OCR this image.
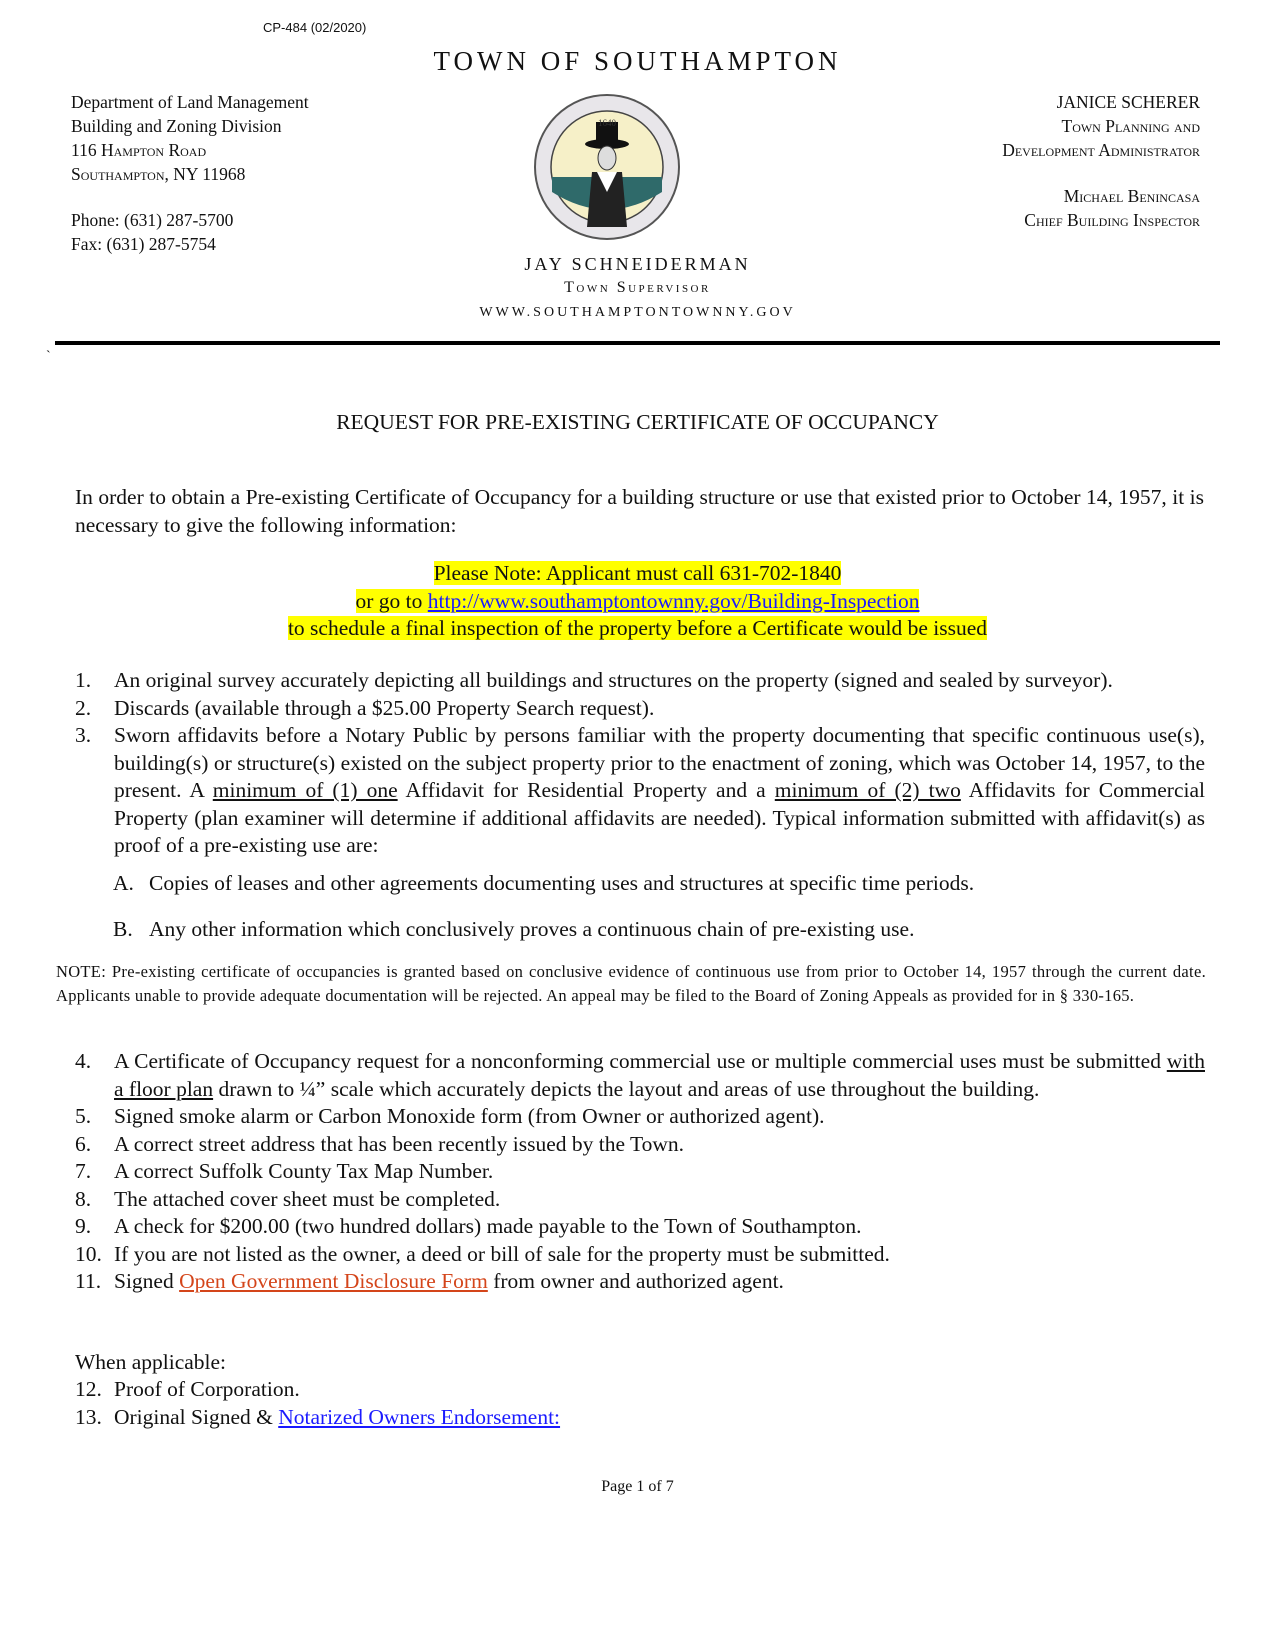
CP-484 (02/2020)
TOWN OF SOUTHAMPTON
Department of Land Management
Building and Zoning Division
116 Hampton Road
Southampton, NY 11968
Phone: (631) 287-5700
Fax: (631) 287-5754
JANICE SCHERER
Town Planning and
Development Administrator
Michael Benincasa
Chief Building Inspector
1640
JAY SCHNEIDERMAN
Town Supervisor
WWW.SOUTHAMPTONTOWNNY.GOV
`
REQUEST FOR PRE-EXISTING CERTIFICATE OF OCCUPANCY
In order to obtain a Pre-existing Certificate of Occupancy for a building structure or use that existed prior to October 14, 1957, it is necessary to give the following information:
Please Note: Applicant must call 631-702-1840
or go to http://www.southamptontownny.gov/Building-Inspection
to schedule a final inspection of the property before a Certificate would be issued
1. An original survey accurately depicting all buildings and structures on the property (signed and sealed by surveyor).
2. Discards (available through a $25.00 Property Search request).
3. Sworn affidavits before a Notary Public by persons familiar with the property documenting that specific continuous use(s), building(s) or structure(s) existed on the subject property prior to the enactment of zoning, which was October 14, 1957, to the present. A minimum of (1) one Affidavit for Residential Property and a minimum of (2) two Affidavits for Commercial Property (plan examiner will determine if additional affidavits are needed). Typical information submitted with affidavit(s) as proof of a pre-existing use are:
A. Copies of leases and other agreements documenting uses and structures at specific time periods.
B. Any other information which conclusively proves a continuous chain of pre-existing use.
NOTE: Pre-existing certificate of occupancies is granted based on conclusive evidence of continuous use from prior to October 14, 1957 through the current date. Applicants unable to provide adequate documentation will be rejected. An appeal may be filed to the Board of Zoning Appeals as provided for in § 330-165.
4. A Certificate of Occupancy request for a nonconforming commercial use or multiple commercial uses must be submitted with a floor plan drawn to ¼” scale which accurately depicts the layout and areas of use throughout the building.
5. Signed smoke alarm or Carbon Monoxide form (from Owner or authorized agent).
6. A correct street address that has been recently issued by the Town.
7. A correct Suffolk County Tax Map Number.
8. The attached cover sheet must be completed.
9. A check for $200.00 (two hundred dollars) made payable to the Town of Southampton.
10. If you are not listed as the owner, a deed or bill of sale for the property must be submitted.
11. Signed Open Government Disclosure Form from owner and authorized agent.
When applicable:
12. Proof of Corporation.
13. Original Signed & Notarized Owners Endorsement:
Page 1 of 7
